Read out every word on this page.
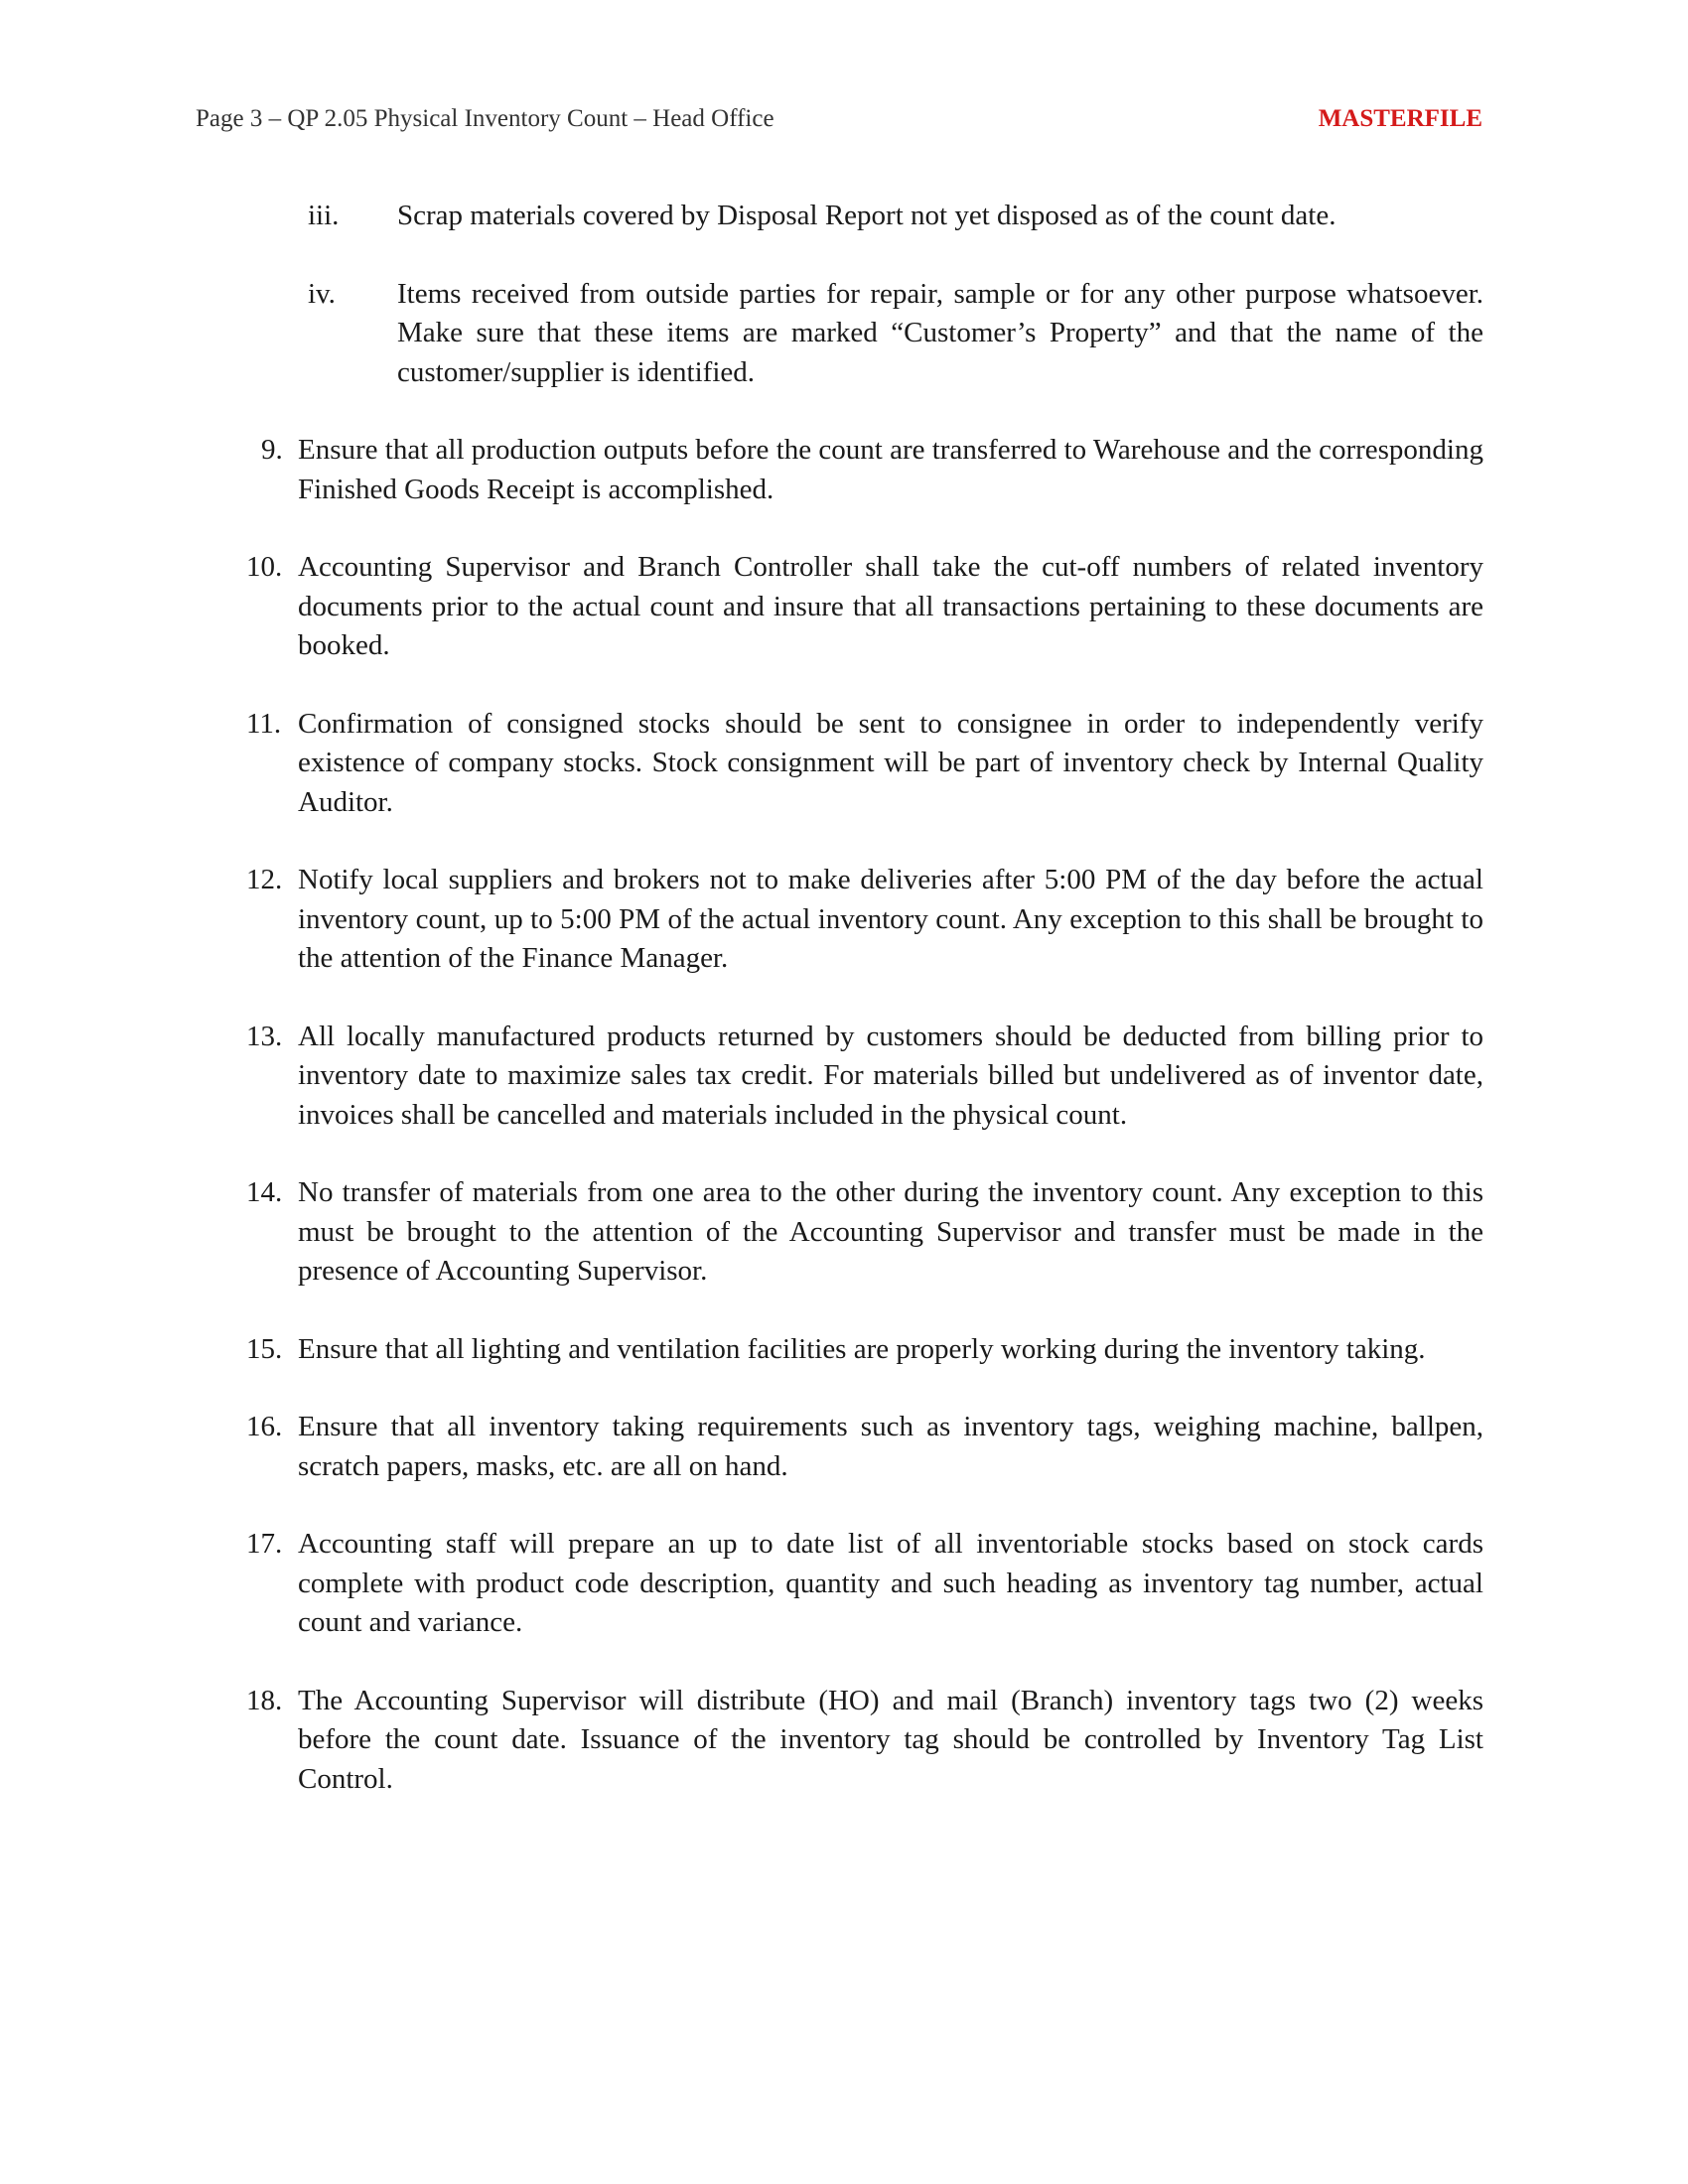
Page 3 – QP 2.05 Physical Inventory Count – Head Office	MASTERFILE
iii.	Scrap materials covered by Disposal Report not yet disposed as of the count date.
iv.	Items received from outside parties for repair, sample or for any other purpose whatsoever. Make sure that these items are marked “Customer’s Property” and that the name of the customer/supplier is identified.
9. Ensure that all production outputs before the count are transferred to Warehouse and the corresponding Finished Goods Receipt is accomplished.
10. Accounting Supervisor and Branch Controller shall take the cut-off numbers of related inventory documents prior to the actual count and insure that all transactions pertaining to these documents are booked.
11. Confirmation of consigned stocks should be sent to consignee in order to independently verify existence of company stocks. Stock consignment will be part of inventory check by Internal Quality Auditor.
12. Notify local suppliers and brokers not to make deliveries after 5:00 PM of the day before the actual inventory count, up to 5:00 PM of the actual inventory count. Any exception to this shall be brought to the attention of the Finance Manager.
13. All locally manufactured products returned by customers should be deducted from billing prior to inventory date to maximize sales tax credit. For materials billed but undelivered as of inventor date, invoices shall be cancelled and materials included in the physical count.
14. No transfer of materials from one area to the other during the inventory count. Any exception to this must be brought to the attention of the Accounting Supervisor and transfer must be made in the presence of Accounting Supervisor.
15. Ensure that all lighting and ventilation facilities are properly working during the inventory taking.
16. Ensure that all inventory taking requirements such as inventory tags, weighing machine, ballpen, scratch papers, masks, etc. are all on hand.
17. Accounting staff will prepare an up to date list of all inventoriable stocks based on stock cards complete with product code description, quantity and such heading as inventory tag number, actual count and variance.
18. The Accounting Supervisor will distribute (HO) and mail (Branch) inventory tags two (2) weeks before the count date. Issuance of the inventory tag should be controlled by Inventory Tag List Control.
